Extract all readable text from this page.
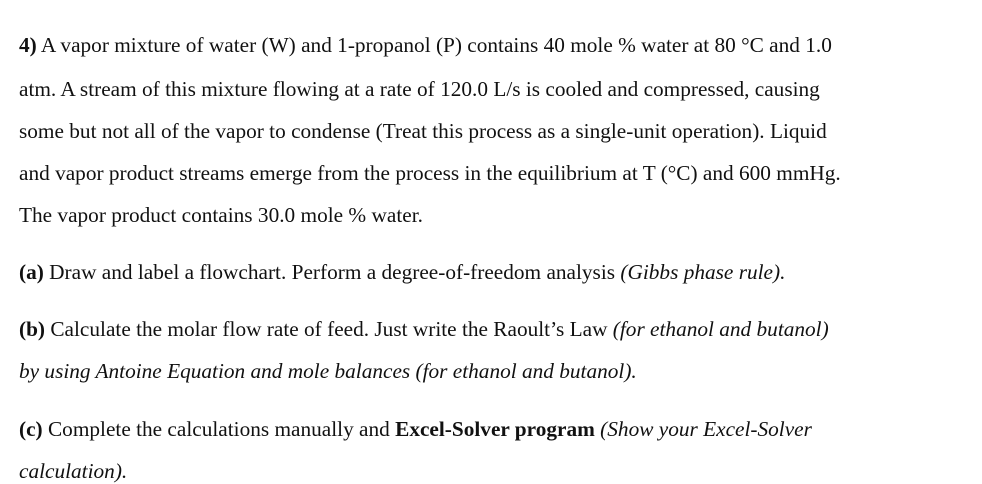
4) A vapor mixture of water (W) and 1-propanol (P) contains 40 mole % water at 80 °C and 1.0
atm. A stream of this mixture flowing at a rate of 120.0 L/s is cooled and compressed, causing
some but not all of the vapor to condense (Treat this process as a single-unit operation). Liquid
and vapor product streams emerge from the process in the equilibrium at T (°C) and 600 mmHg.
The vapor product contains 30.0 mole % water.
(a) Draw and label a flowchart. Perform a degree-of-freedom analysis (Gibbs phase rule).
(b) Calculate the molar flow rate of feed. Just write the Raoult’s Law (for ethanol and butanol)
by using Antoine Equation and mole balances (for ethanol and butanol).
(c) Complete the calculations manually and Excel-Solver program (Show your Excel-Solver
calculation).
